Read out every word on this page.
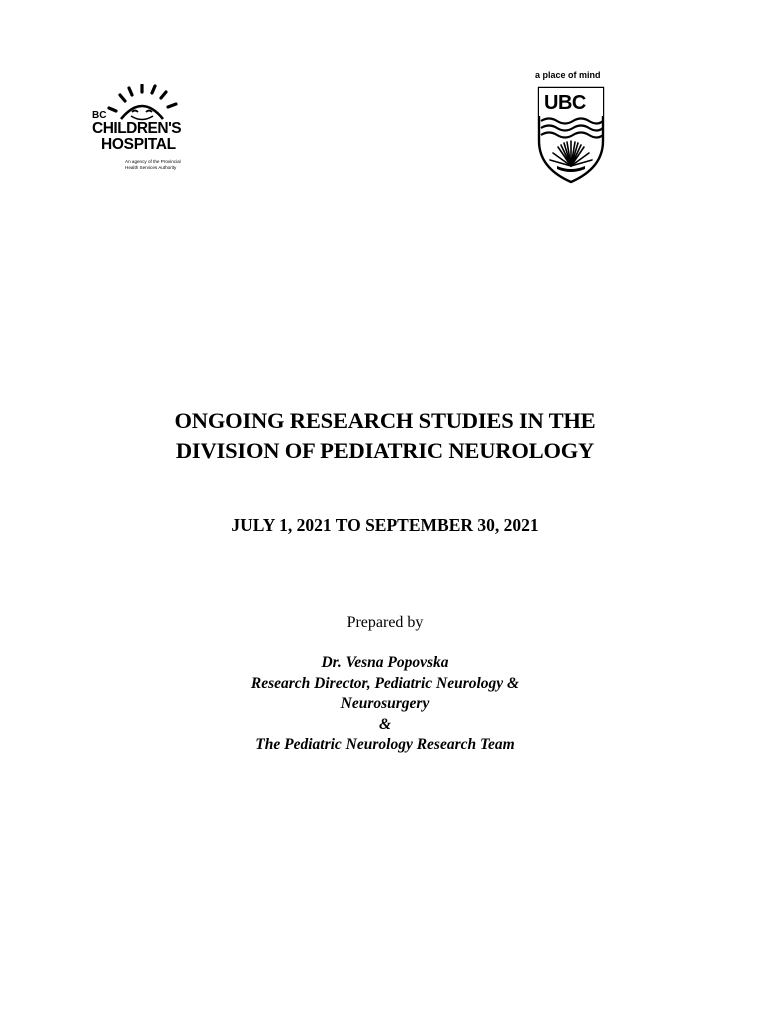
BC
CHILDREN'S
HOSPITAL
An agency of the Provincial
Health Services Authority
a place of mind
UBC
ONGOING RESEARCH STUDIES IN THE
DIVISION OF PEDIATRIC NEUROLOGY
JULY 1, 2021 TO SEPTEMBER 30, 2021
Prepared by
Dr. Vesna Popovska
Research Director, Pediatric Neurology &
Neurosurgery
&
The Pediatric Neurology Research Team
